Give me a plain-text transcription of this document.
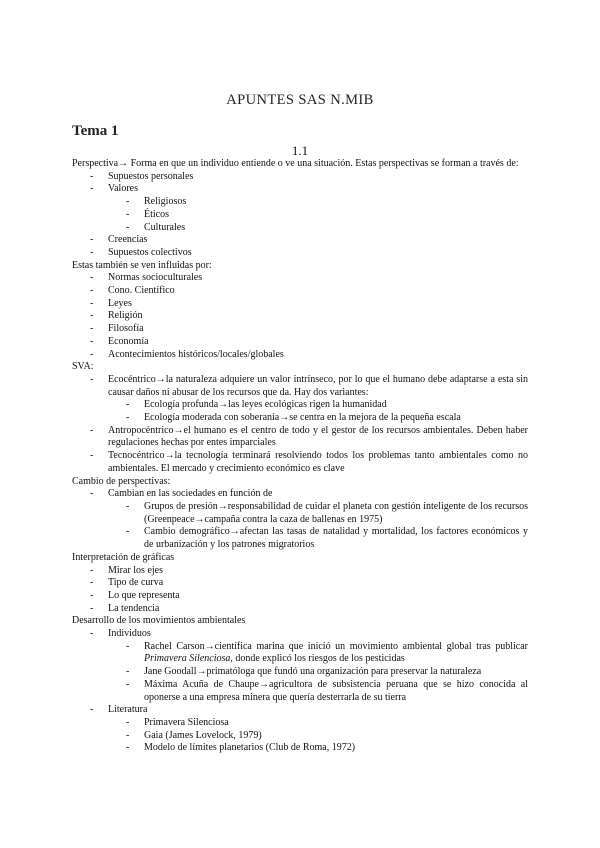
APUNTES SAS N.MIB
Tema 1
1.1

Perspectiva→ Forma en que un individuo entiende o ve una situación. Estas perspectivas se forman a través de:

- Supuestos personales
- Valores
- Religiosos
- Éticos
- Culturales
- Creencias
- Supuestos colectivos

Estas también se ven influidas por:

- Normas socioculturales
- Cono. Científico
- Leyes
- Religión
- Filosofía
- Economía
- Acontecimientos históricos/locales/globales

SVA:

- Ecocéntrico→la naturaleza adquiere un valor intrínseco, por lo que el humano debe adaptarse a esta sin causar daños ni abusar de los recursos que da. Hay dos variantes:
- Ecología profunda→las leyes ecológicas rigen la humanidad
- Ecología moderada con soberanía→se centra en la mejora de la pequeña escala
- Antropocéntrico→el humano es el centro de todo y el gestor de los recursos ambientales. Deben haber regulaciones hechas por entes imparciales
- Tecnocéntrico→la tecnología terminará resolviendo todos los problemas tanto ambientales como no ambientales. El mercado y crecimiento económico es clave

Cambio de perspectivas:

- Cambian en las sociedades en función de
- Grupos de presión→responsabilidad de cuidar el planeta con gestión inteligente de los recursos (Greenpeace→campaña contra la caza de ballenas en 1975)
- Cambio demográfico→afectan las tasas de natalidad y mortalidad, los factores económicos y de urbanización y los patrones migratorios

Interpretación de gráficas

- Mirar los ejes
- Tipo de curva
- Lo que representa
- La tendencia

Desarrollo de los movimientos ambientales

- Individuos
- Rachel Carson→científica marina que inició un movimiento ambiental global tras publicar Primavera Silenciosa, donde explicó los riesgos de los pesticidas
- Jane Goodall→primatóloga que fundó una organización para preservar la naturaleza
- Máxima Acuña de Chaupe→agricultora de subsistencia peruana que se hizo conocida al oponerse a una empresa minera que quería desterrarla de su tierra
- Literatura
- Primavera Silenciosa
- Gaia (James Lovelock, 1979)
- Modelo de límites planetarios (Club de Roma, 1972)
